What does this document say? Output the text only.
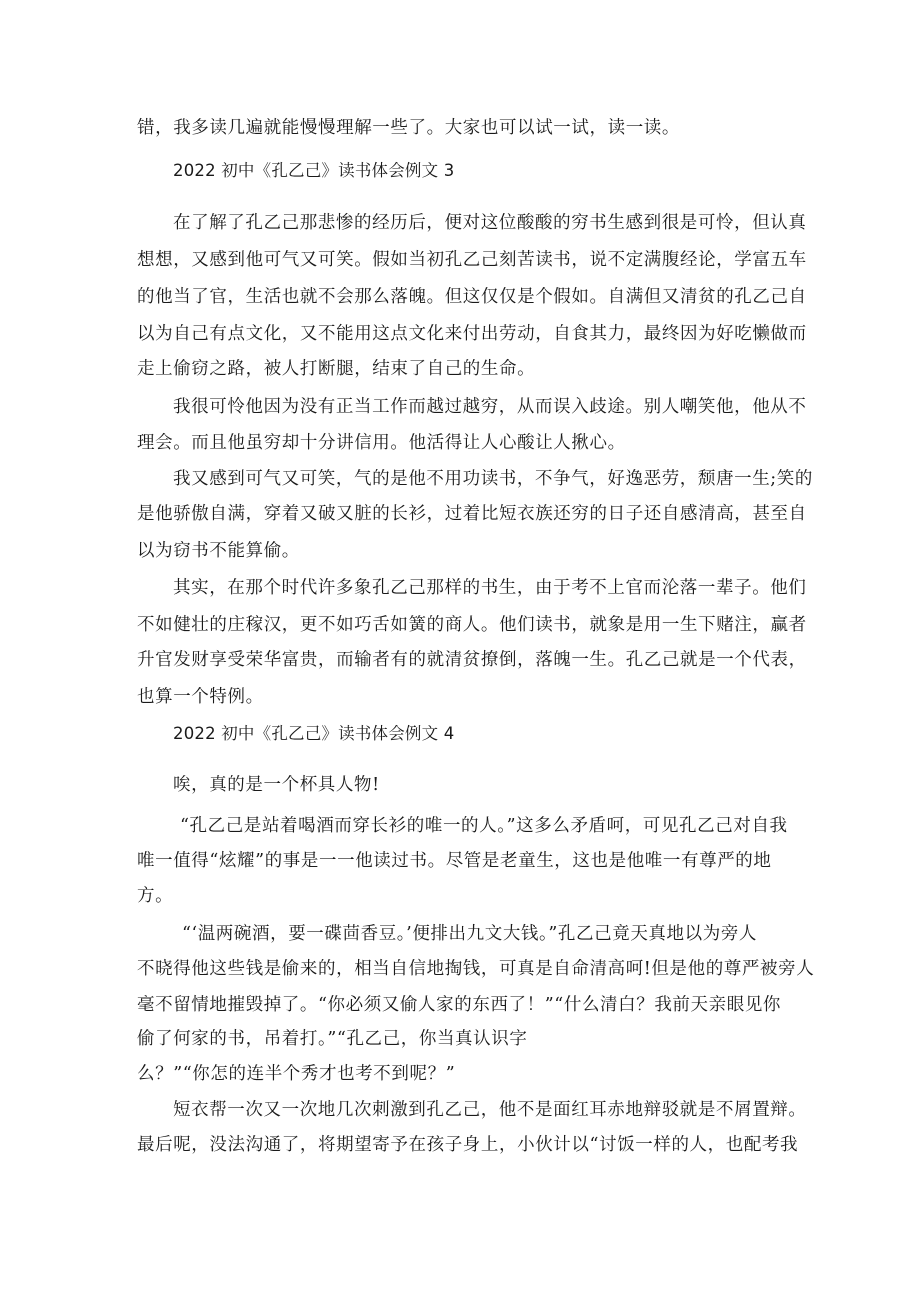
错，我多读几遍就能慢慢理解一些了。大家也可以试一试，读一读。
2022 初中《孔乙己》读书体会例文 3
在了解了孔乙己那悲惨的经历后，便对这位酸酸的穷书生感到很是可怜，但认真
想想，又感到他可气又可笑。假如当初孔乙己刻苦读书，说不定满腹经论，学富五车
的他当了官，生活也就不会那么落魄。但这仅仅是个假如。自满但又清贫的孔乙己自
以为自己有点文化，又不能用这点文化来付出劳动，自食其力，最终因为好吃懒做而
走上偷窃之路，被人打断腿，结束了自己的生命。
我很可怜他因为没有正当工作而越过越穷，从而误入歧途。别人嘲笑他，他从不
理会。而且他虽穷却十分讲信用。他活得让人心酸让人揪心。
我又感到可气又可笑，气的是他不用功读书，不争气，好逸恶劳，颓唐一生;笑的
是他骄傲自满，穿着又破又脏的长衫，过着比短衣族还穷的日子还自感清高，甚至自
以为窃书不能算偷。
其实，在那个时代许多象孔乙己那样的书生，由于考不上官而沦落一辈子。他们
不如健壮的庄稼汉，更不如巧舌如簧的商人。他们读书，就象是用一生下赌注，赢者
升官发财享受荣华富贵，而输者有的就清贫撩倒，落魄一生。孔乙己就是一个代表，
也算一个特例。
2022 初中《孔乙己》读书体会例文 4
唉，真的是一个杯具人物!
“孔乙己是站着喝酒而穿长衫的唯一的人。”这多么矛盾呵，可见孔乙己对自我
唯一值得“炫耀”的事是一一他读过书。尽管是老童生，这也是他唯一有尊严的地
方。
“‘温两碗酒，要一碟茴香豆。’便排出九文大钱。”孔乙己竟天真地以为旁人
不晓得他这些钱是偷来的，相当自信地掏钱，可真是自命清高呵!但是他的尊严被旁人
毫不留情地摧毁掉了。“你必须又偷人家的东西了！”“什么清白？我前天亲眼见你
偷了何家的书，吊着打。”“孔乙己，你当真认识字
么？”“你怎的连半个秀才也考不到呢？”
短衣帮一次又一次地几次刺激到孔乙己，他不是面红耳赤地辩驳就是不屑置辩。
最后呢，没法沟通了，将期望寄予在孩子身上，小伙计以“讨饭一样的人，也配考我
